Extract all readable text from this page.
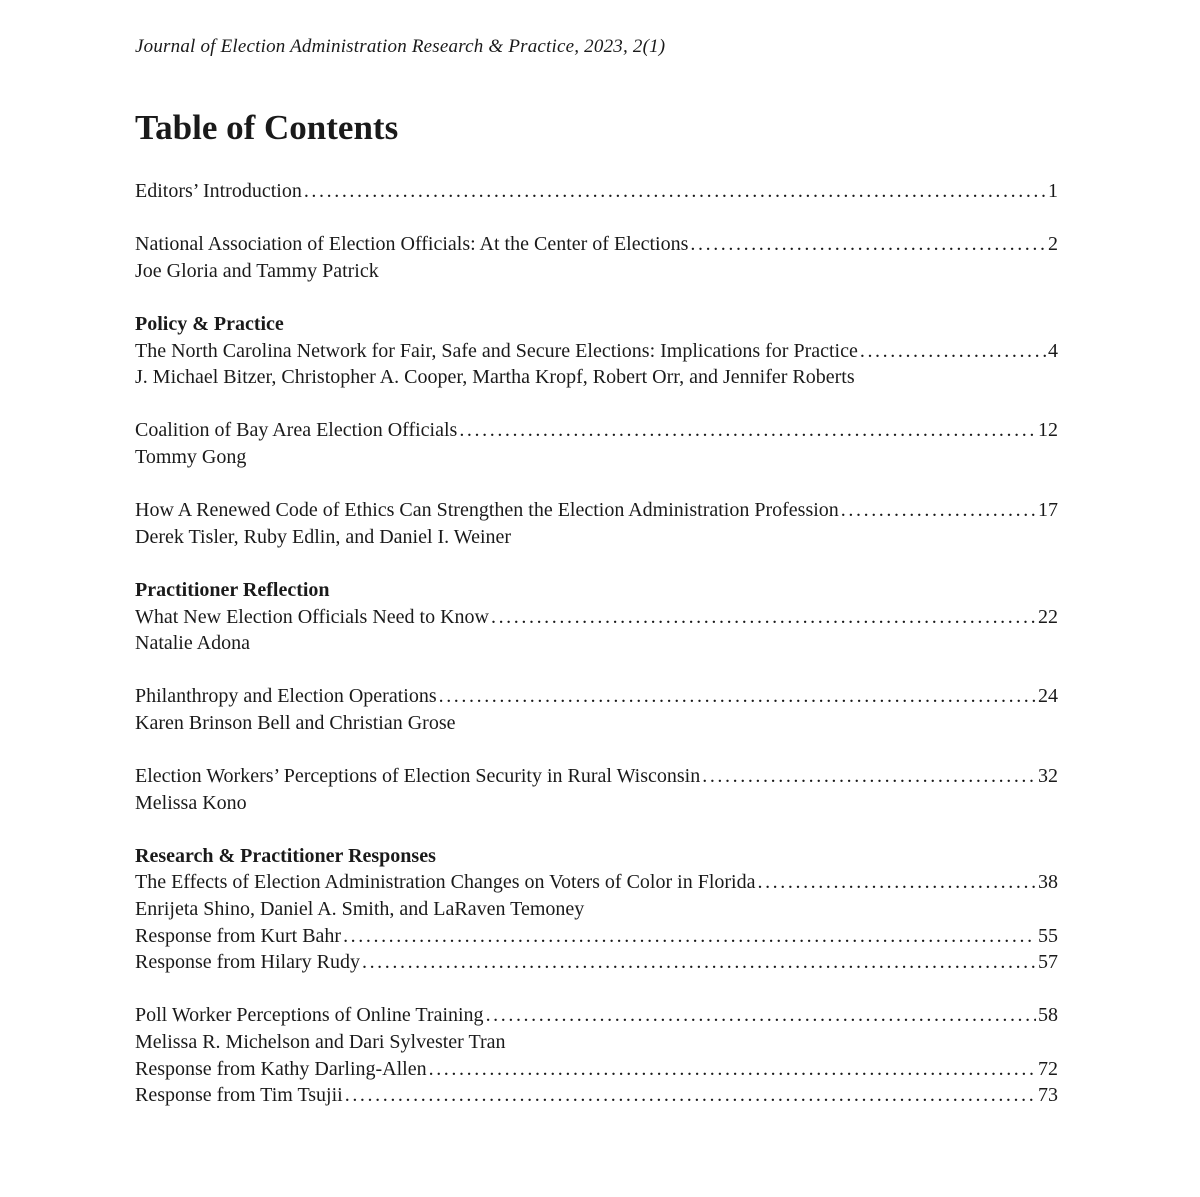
Journal of Election Administration Research & Practice, 2023, 2(1)
Table of Contents
Editors’ Introduction .....	1
National Association of Election Officials: At the Center of Elections .....	2
Joe Gloria and Tammy Patrick
Policy & Practice
The North Carolina Network for Fair, Safe and Secure Elections: Implications for Practice .....	4
J. Michael Bitzer, Christopher A. Cooper, Martha Kropf, Robert Orr, and Jennifer Roberts
Coalition of Bay Area Election Officials .....	12
Tommy Gong
How A Renewed Code of Ethics Can Strengthen the Election Administration Profession .....	17
Derek Tisler, Ruby Edlin, and Daniel I. Weiner
Practitioner Reflection
What New Election Officials Need to Know .....	22
Natalie Adona
Philanthropy and Election Operations .....	24
Karen Brinson Bell and Christian Grose
Election Workers’ Perceptions of Election Security in Rural Wisconsin .....	32
Melissa Kono
Research & Practitioner Responses
The Effects of Election Administration Changes on Voters of Color in Florida .....	38
Enrijeta Shino, Daniel A. Smith, and LaRaven Temoney
Response from Kurt Bahr .....	55
Response from Hilary Rudy .....	57
Poll Worker Perceptions of Online Training .....	58
Melissa R. Michelson and Dari Sylvester Tran
Response from Kathy Darling-Allen .....	72
Response from Tim Tsujii .....	73
